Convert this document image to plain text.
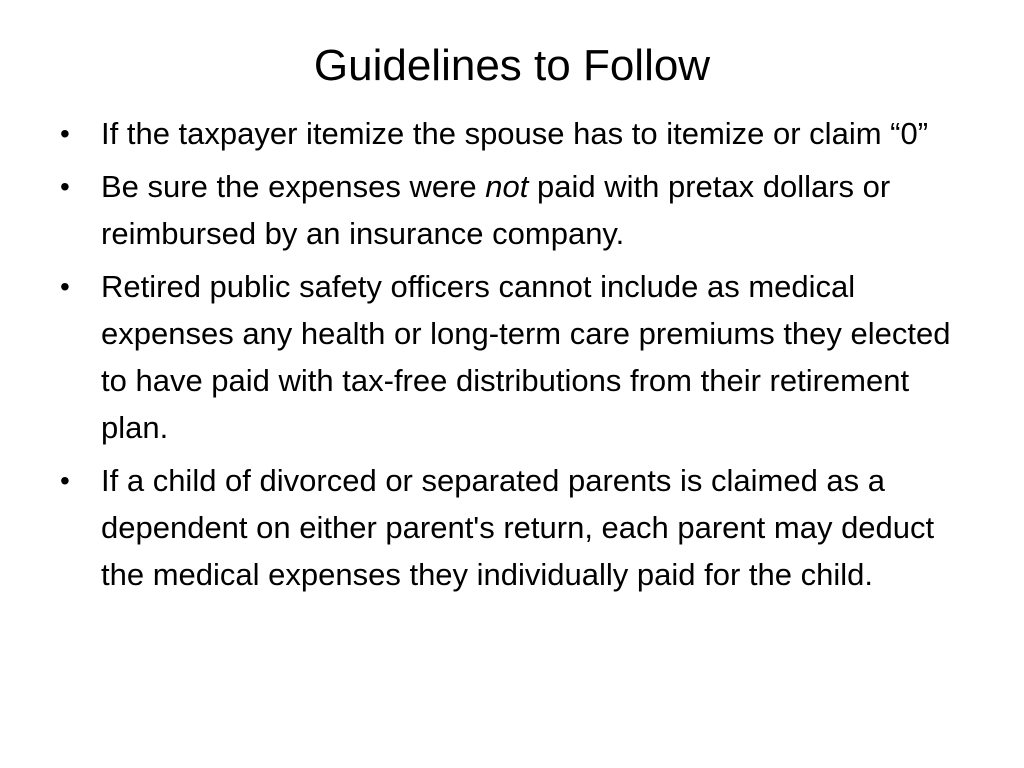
Guidelines to Follow
• If the taxpayer itemize the spouse has to itemize or claim “0”
• Be sure the expenses were not paid with pretax dollars or reimbursed by an insurance company.
• Retired public safety officers cannot include as medical expenses any health or long-term care premiums they elected to have paid with tax-free distributions from their retirement plan.
• If a child of divorced or separated parents is claimed as a dependent on either parent's return, each parent may deduct the medical expenses they individually paid for the child.
